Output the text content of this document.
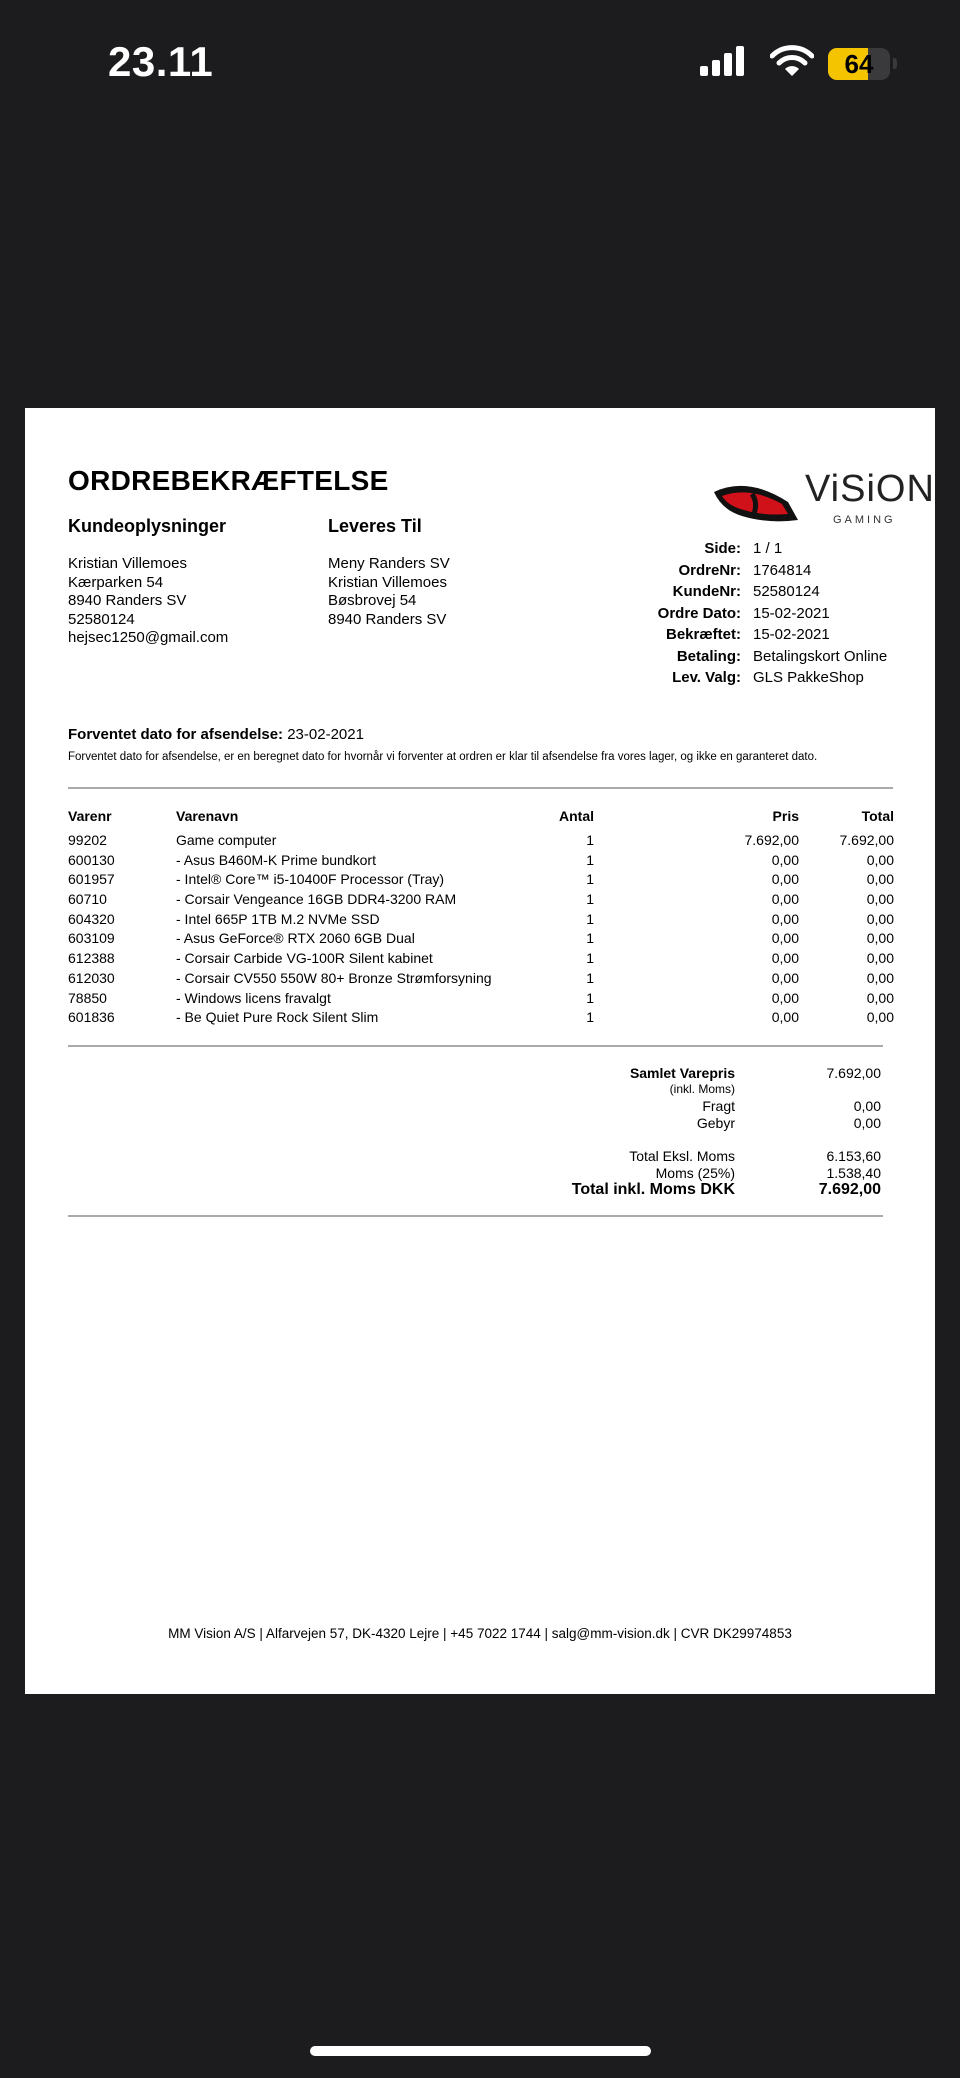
23.11	64
ORDREBEKRÆFTELSE	ViSiON
GAMING
Kundeoplysninger
Kristian Villemoes
Kærparken 54
8940 Randers SV
52580124
hejsec1250@gmail.com
Leveres Til
Meny Randers SV
Kristian Villemoes
Bøsbrovej 54
8940 Randers SV
Side: 1 / 1
OrdreNr: 1764814
KundeNr: 52580124
Ordre Dato: 15-02-2021
Bekræftet: 15-02-2021
Betaling: Betalingskort Online
Lev. Valg: GLS PakkeShop
Forventet dato for afsendelse: 23-02-2021
Forventet dato for afsendelse, er en beregnet dato for hvornår vi forventer at ordren er klar til afsendelse fra vores lager, og ikke en garanteret dato.
Varenr	Varenavn	Antal	Pris	Total
99202	Game computer	1	7.692,00	7.692,00
600130	- Asus B460M-K Prime bundkort	1	0,00	0,00
601957	- Intel® Core™ i5-10400F Processor (Tray)	1	0,00	0,00
60710	- Corsair Vengeance 16GB DDR4-3200 RAM	1	0,00	0,00
604320	- Intel 665P 1TB M.2 NVMe SSD	1	0,00	0,00
603109	- Asus GeForce® RTX 2060 6GB Dual	1	0,00	0,00
612388	- Corsair Carbide VG-100R Silent kabinet	1	0,00	0,00
612030	- Corsair CV550 550W 80+ Bronze Strømforsyning	1	0,00	0,00
78850	- Windows licens fravalgt	1	0,00	0,00
601836	- Be Quiet Pure Rock Silent Slim	1	0,00	0,00
Samlet Varepris	7.692,00
(inkl. Moms)
Fragt	0,00
Gebyr	0,00
Total Eksl. Moms	6.153,60
Moms (25%)	1.538,40
Total inkl. Moms DKK	7.692,00
MM Vision A/S | Alfarvejen 57, DK-4320 Lejre | +45 7022 1744 | salg@mm-vision.dk | CVR DK29974853
